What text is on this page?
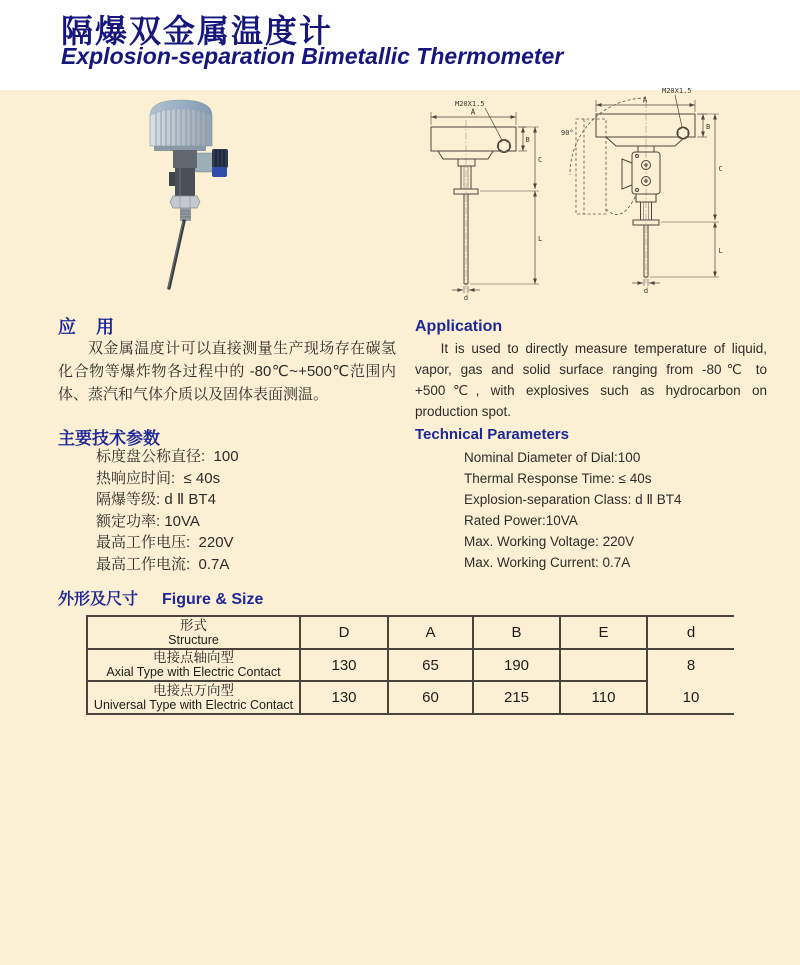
隔爆双金属温度计
Explosion-separation Bimetallic Thermometer
M20X1.5
A
B
C
L
d
M20X1.5
A
B
C
L
d
90°
应　用
双金属温度计可以直接测量生产现场存在碳氢化合物等爆炸物各过程中的 -80℃~+500℃范围内体、蒸汽和气体介质以及固体表面测温。
Application
It is used to directly measure temperature of liquid, vapor, gas and solid surface ranging from -80℃ to +500℃, with explosives such as hydrocarbon on production spot.
主要技术参数
标度盘公称直径:  100
热响应时间:  ≤ 40s
隔爆等级: d Ⅱ BT4
额定功率: 10VA
最高工作电压:  220V
最高工作电流:  0.7A
Technical Parameters
Nominal Diameter of Dial:100
Thermal Response Time: ≤ 40s
Explosion-separation Class: d Ⅱ BT4
Rated Power:10VA
Max. Working Voltage: 220V
Max. Working Current: 0.7A
外形及尺寸 Figure & Size
形式
Structure	D	A	B	E	d

电接点轴向型
Axial Type with Electric Contact	130	65	190		8

电接点万向型
Universal Type with Electric Contact	130	60	215	110	10
